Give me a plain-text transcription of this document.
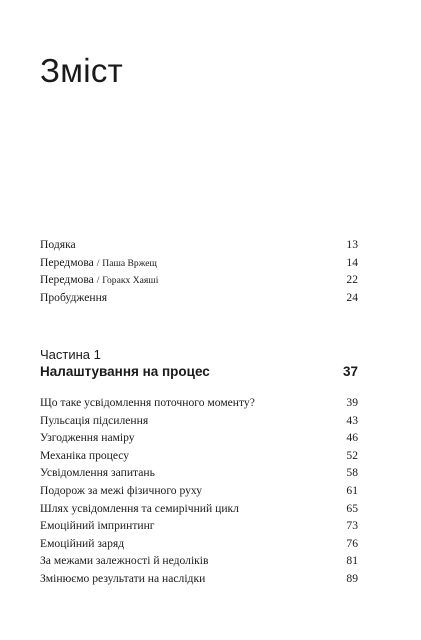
Зміст
Подяка	13
Передмова / Паша Вржещ	14
Передмова / Горакх Хаяші	22
Пробудження	24
Частина 1
Налаштування на процес	37
Що таке усвідомлення поточного моменту?	39
Пульсація підсилення	43
Узгодження наміру	46
Механіка процесу	52
Усвідомлення запитань	58
Подорож за межі фізичного руху	61
Шлях усвідомлення та семирічний цикл	65
Емоційний імпринтинг	73
Емоційний заряд	76
За межами залежності й недоліків	81
Змінюємо результати на наслідки	89
